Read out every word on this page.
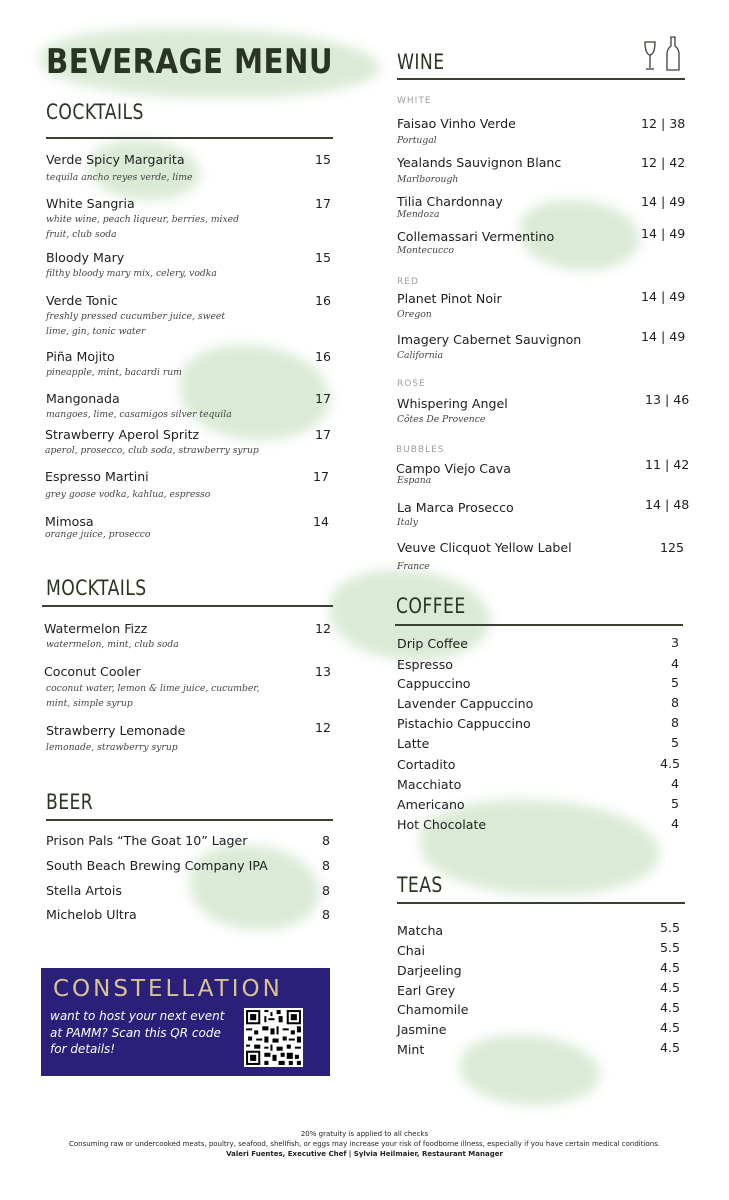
BEVERAGE MENU
COCKTAILS
Verde Spicy Margarita	15
tequila ancho reyes verde, lime
White Sangria	17
white wine, peach liqueur, berries, mixed fruit, club soda
Bloody Mary	15
filthy bloody mary mix, celery, vodka
Verde Tonic	16
freshly pressed cucumber juice, sweet lime, gin, tonic water
Piña Mojito	16
pineapple, mint, bacardi rum
Mangonada	17
mangoes, lime, casamigos silver tequila
Strawberry Aperol Spritz	17
aperol, prosecco, club soda, strawberry syrup
Espresso Martini	17
grey goose vodka, kahlua, espresso
Mimosa	14
orange juice, prosecco
MOCKTAILS
Watermelon Fizz	12
watermelon, mint, club soda
Coconut Cooler	13
coconut water, lemon & lime juice, cucumber, mint, simple syrup
Strawberry Lemonade	12
lemonade, strawberry syrup
BEER
Prison Pals “The Goat 10” Lager	8
South Beach Brewing Company IPA	8
Stella Artois	8
Michelob Ultra	8
CONSTELLATION
want to host your next event at PAMM? Scan this QR code for details!
WINE
WHITE
Faisao Vinho Verde	12 | 38
Portugal
Yealands Sauvignon Blanc	12 | 42
Marlborough
Tilia Chardonnay	14 | 49
Mendoza
Collemassari Vermentino	14 | 49
Montecucco
RED
Planet Pinot Noir	14 | 49
Oregon
Imagery Cabernet Sauvignon	14 | 49
California
ROSÉ
Whispering Angel	13 | 46
Côtes De Provence
BUBBLES
Campo Viejo Cava	11 | 42
Espana
La Marca Prosecco	14 | 48
Italy
Veuve Clicquot Yellow Label	125
France
COFFEE
Drip Coffee	3
Espresso	4
Cappuccino	5
Lavender Cappuccino	8
Pistachio Cappuccino	8
Latte	5
Cortadito	4.5
Macchiato	4
Americano	5
Hot Chocolate	4
TEAS
Matcha	5.5
Chai	5.5
Darjeeling	4.5
Earl Grey	4.5
Chamomile	4.5
Jasmine	4.5
Mint	4.5
20% gratuity is applied to all checks
Consuming raw or undercooked meats, poultry, seafood, shellfish, or eggs may increase your risk of foodborne illness, especially if you have certain medical conditions.
Valeri Fuentes, Executive Chef | Sylvia Heilmaier, Restaurant Manager
